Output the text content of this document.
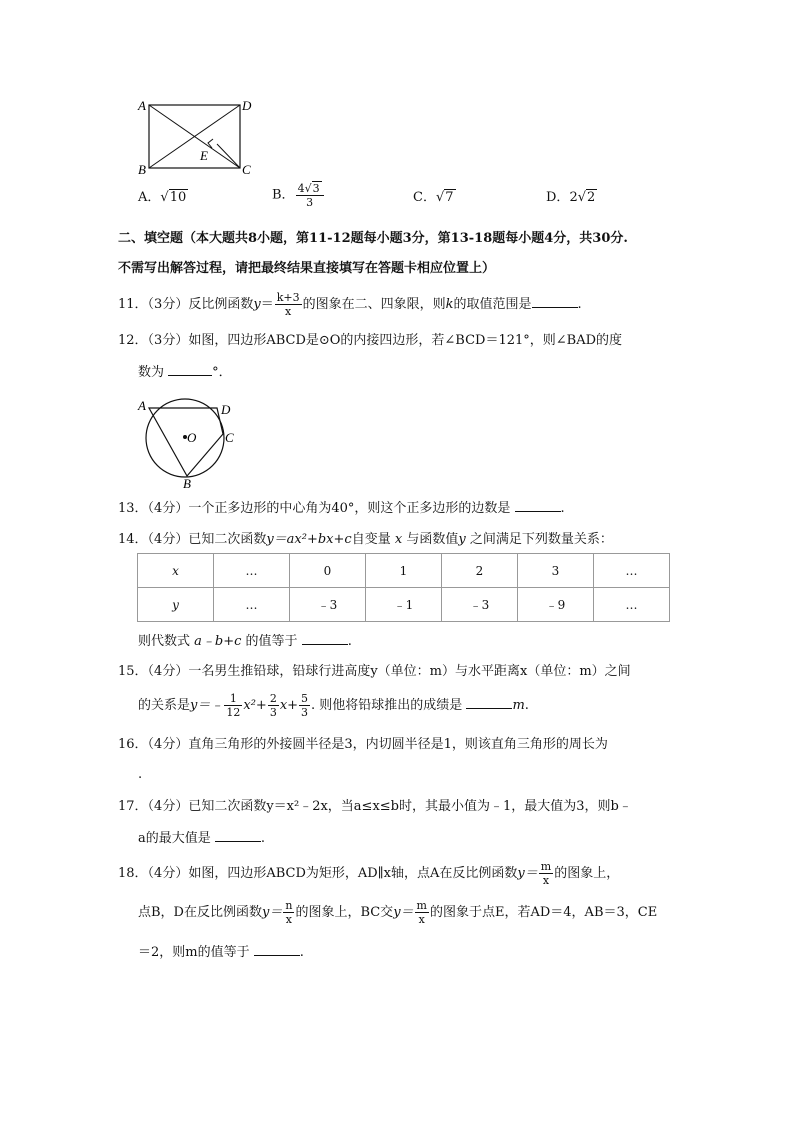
A	D
B	C
E
A．√10	B． $\frac{4√3}{3}$	C．√7	D．2√2
二、填空题（本大题共8小题，第11-12题每小题3分，第13-18题每小题4分，共30分.
不需写出解答过程，请把最终结果直接填写在答题卡相应位置上）
11．（3分）反比例函数$y= \frac{k+3}{x}$ 的图象在二、四象限，则k的取值范围是	.
12．（3分）如图，四边形ABCD是⊙O的内接四边形，若∠BCD＝121°，则∠BAD的度
数为	°．
A	D
C
B
O
13．（4分）一个正多边形的中心角为40°，则这个正多边形的边数是	.
14．（4分）已知二次函数y＝ax²+bx+c自变量 x 与函数值y 之间满足下列数量关系：
x	…	0	1	2	3	…
y	…	﹣3	﹣1	﹣3	﹣9	…
则代数式 a﹣b+c 的值等于	.
15．（4分）一名男生推铅球，铅球行进高度y（单位：m）与水平距离x（单位：m）之间
的关系是y＝﹣ $\frac{1}{12} x^2+ \frac{2}{3} x+ \frac{5}{3}$ . 则他将铅球推出的成绩是	m.
16．（4分）直角三角形的外接圆半径是3，内切圆半径是1，则该直角三角形的周长为
.
17．（4分）已知二次函数y＝x²﹣2x，当a≤x≤b时，其最小值为﹣1，最大值为3，则b﹣
a的最大值是	.
18．（4分）如图，四边形ABCD为矩形，AD∥x轴，点A在反比例函数$y= \frac{m}{x}$ 的图象上，
点B，D在反比例函数$y= \frac{n}{x}$ 的图象上，BC交$y= \frac{m}{x}$ 的图象于点E，若AD＝4，AB＝3，CE
＝2，则m的值等于	.
